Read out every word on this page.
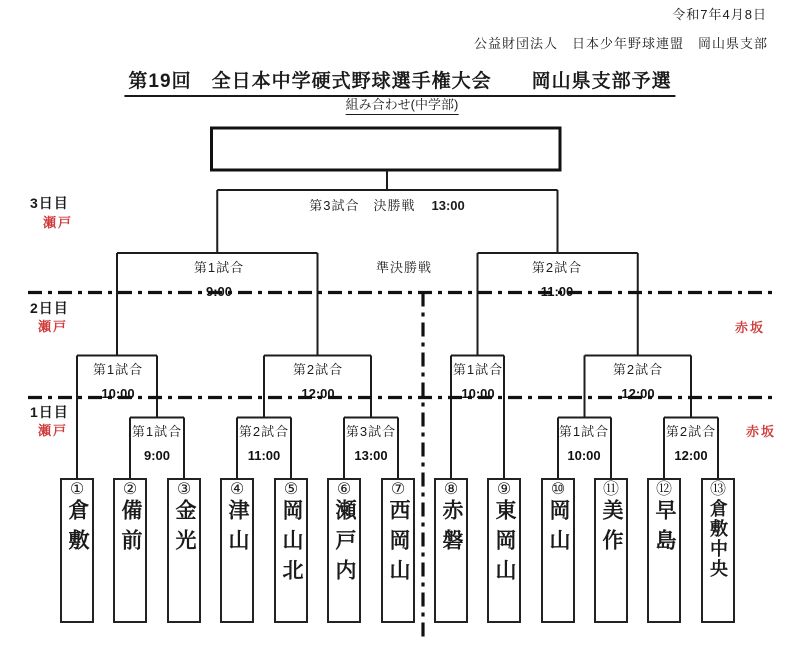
令和7年4月8日
公益財団法人　日本少年野球連盟　岡山県支部
第19回　全日本中学硬式野球選手権大会　　岡山県支部予選
組み合わせ(中学部)
3日目
瀬戸
2日目
瀬戸	赤坂
1日目
瀬戸	赤坂
第3試合　決勝戦 13:00
準決勝戦
第1試合
9:00
第2試合
11:00
第1試合
10:00
第2試合
12:00
第1試合
10:00
第2試合
12:00
第1試合
9:00
第2試合
11:00
第3試合
13:00
第1試合
10:00
第2試合
12:00
①
倉敷
②
備前
③
金光
④
津山
⑤
岡山北
⑥
瀬戸内
⑦
西岡山
⑧
赤磐
⑨
東岡山
⑩
岡山
⑪
美作
⑫
早島
⑬
倉敷中央
